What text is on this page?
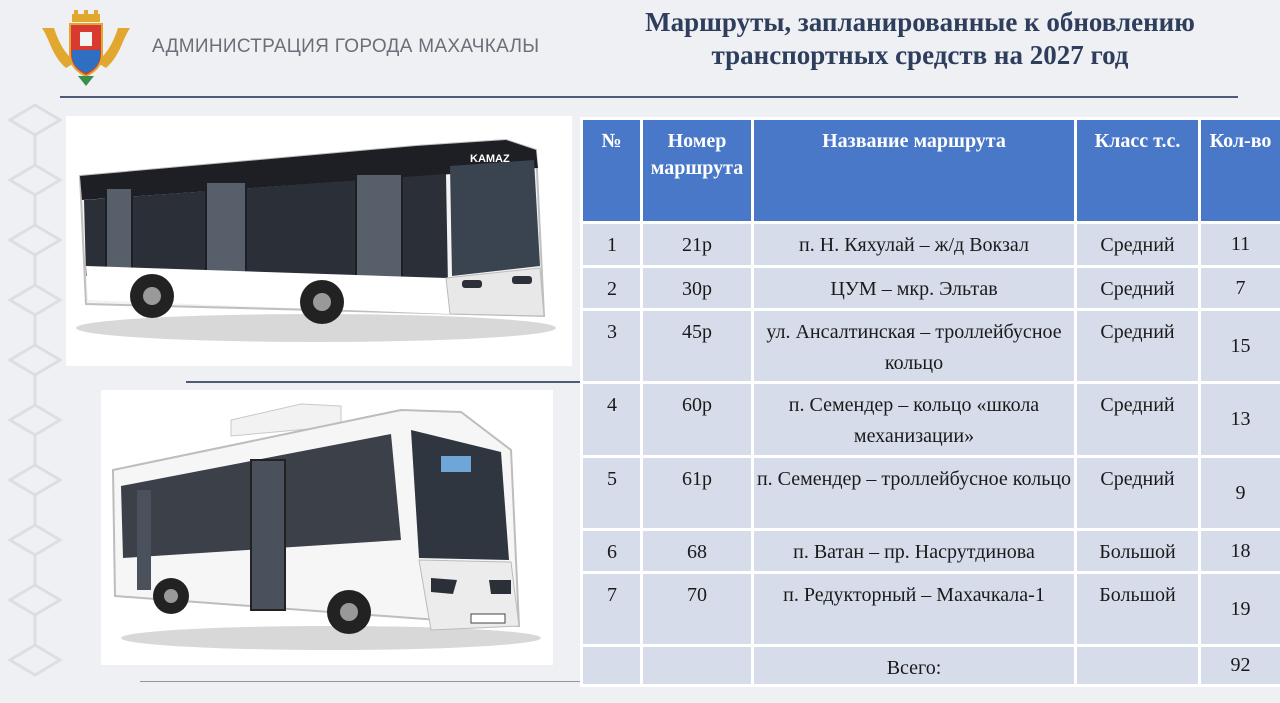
АДМИНИСТРАЦИЯ ГОРОДА МАХАЧКАЛЫ
Маршруты, запланированные к обновлению транспортных средств на 2027 год
KAMAZ
№	Номер маршрута	Название маршрута	Класс т.с.	Кол-во
1	21р	п. Н. Кяхулай – ж/д Вокзал	Средний	11
2	30р	ЦУМ – мкр. Эльтав	Средний	7
3	45р	ул. Ансалтинская – троллейбусное кольцо	Средний	15
4	60р	п. Семендер – кольцо «школа механизации»	Средний	13
5	61р	п. Семендер – троллейбусное кольцо	Средний	9
6	68	п. Ватан – пр. Насрутдинова	Большой	18
7	70	п. Редукторный – Махачкала-1	Большой	19
		Всего:		92
